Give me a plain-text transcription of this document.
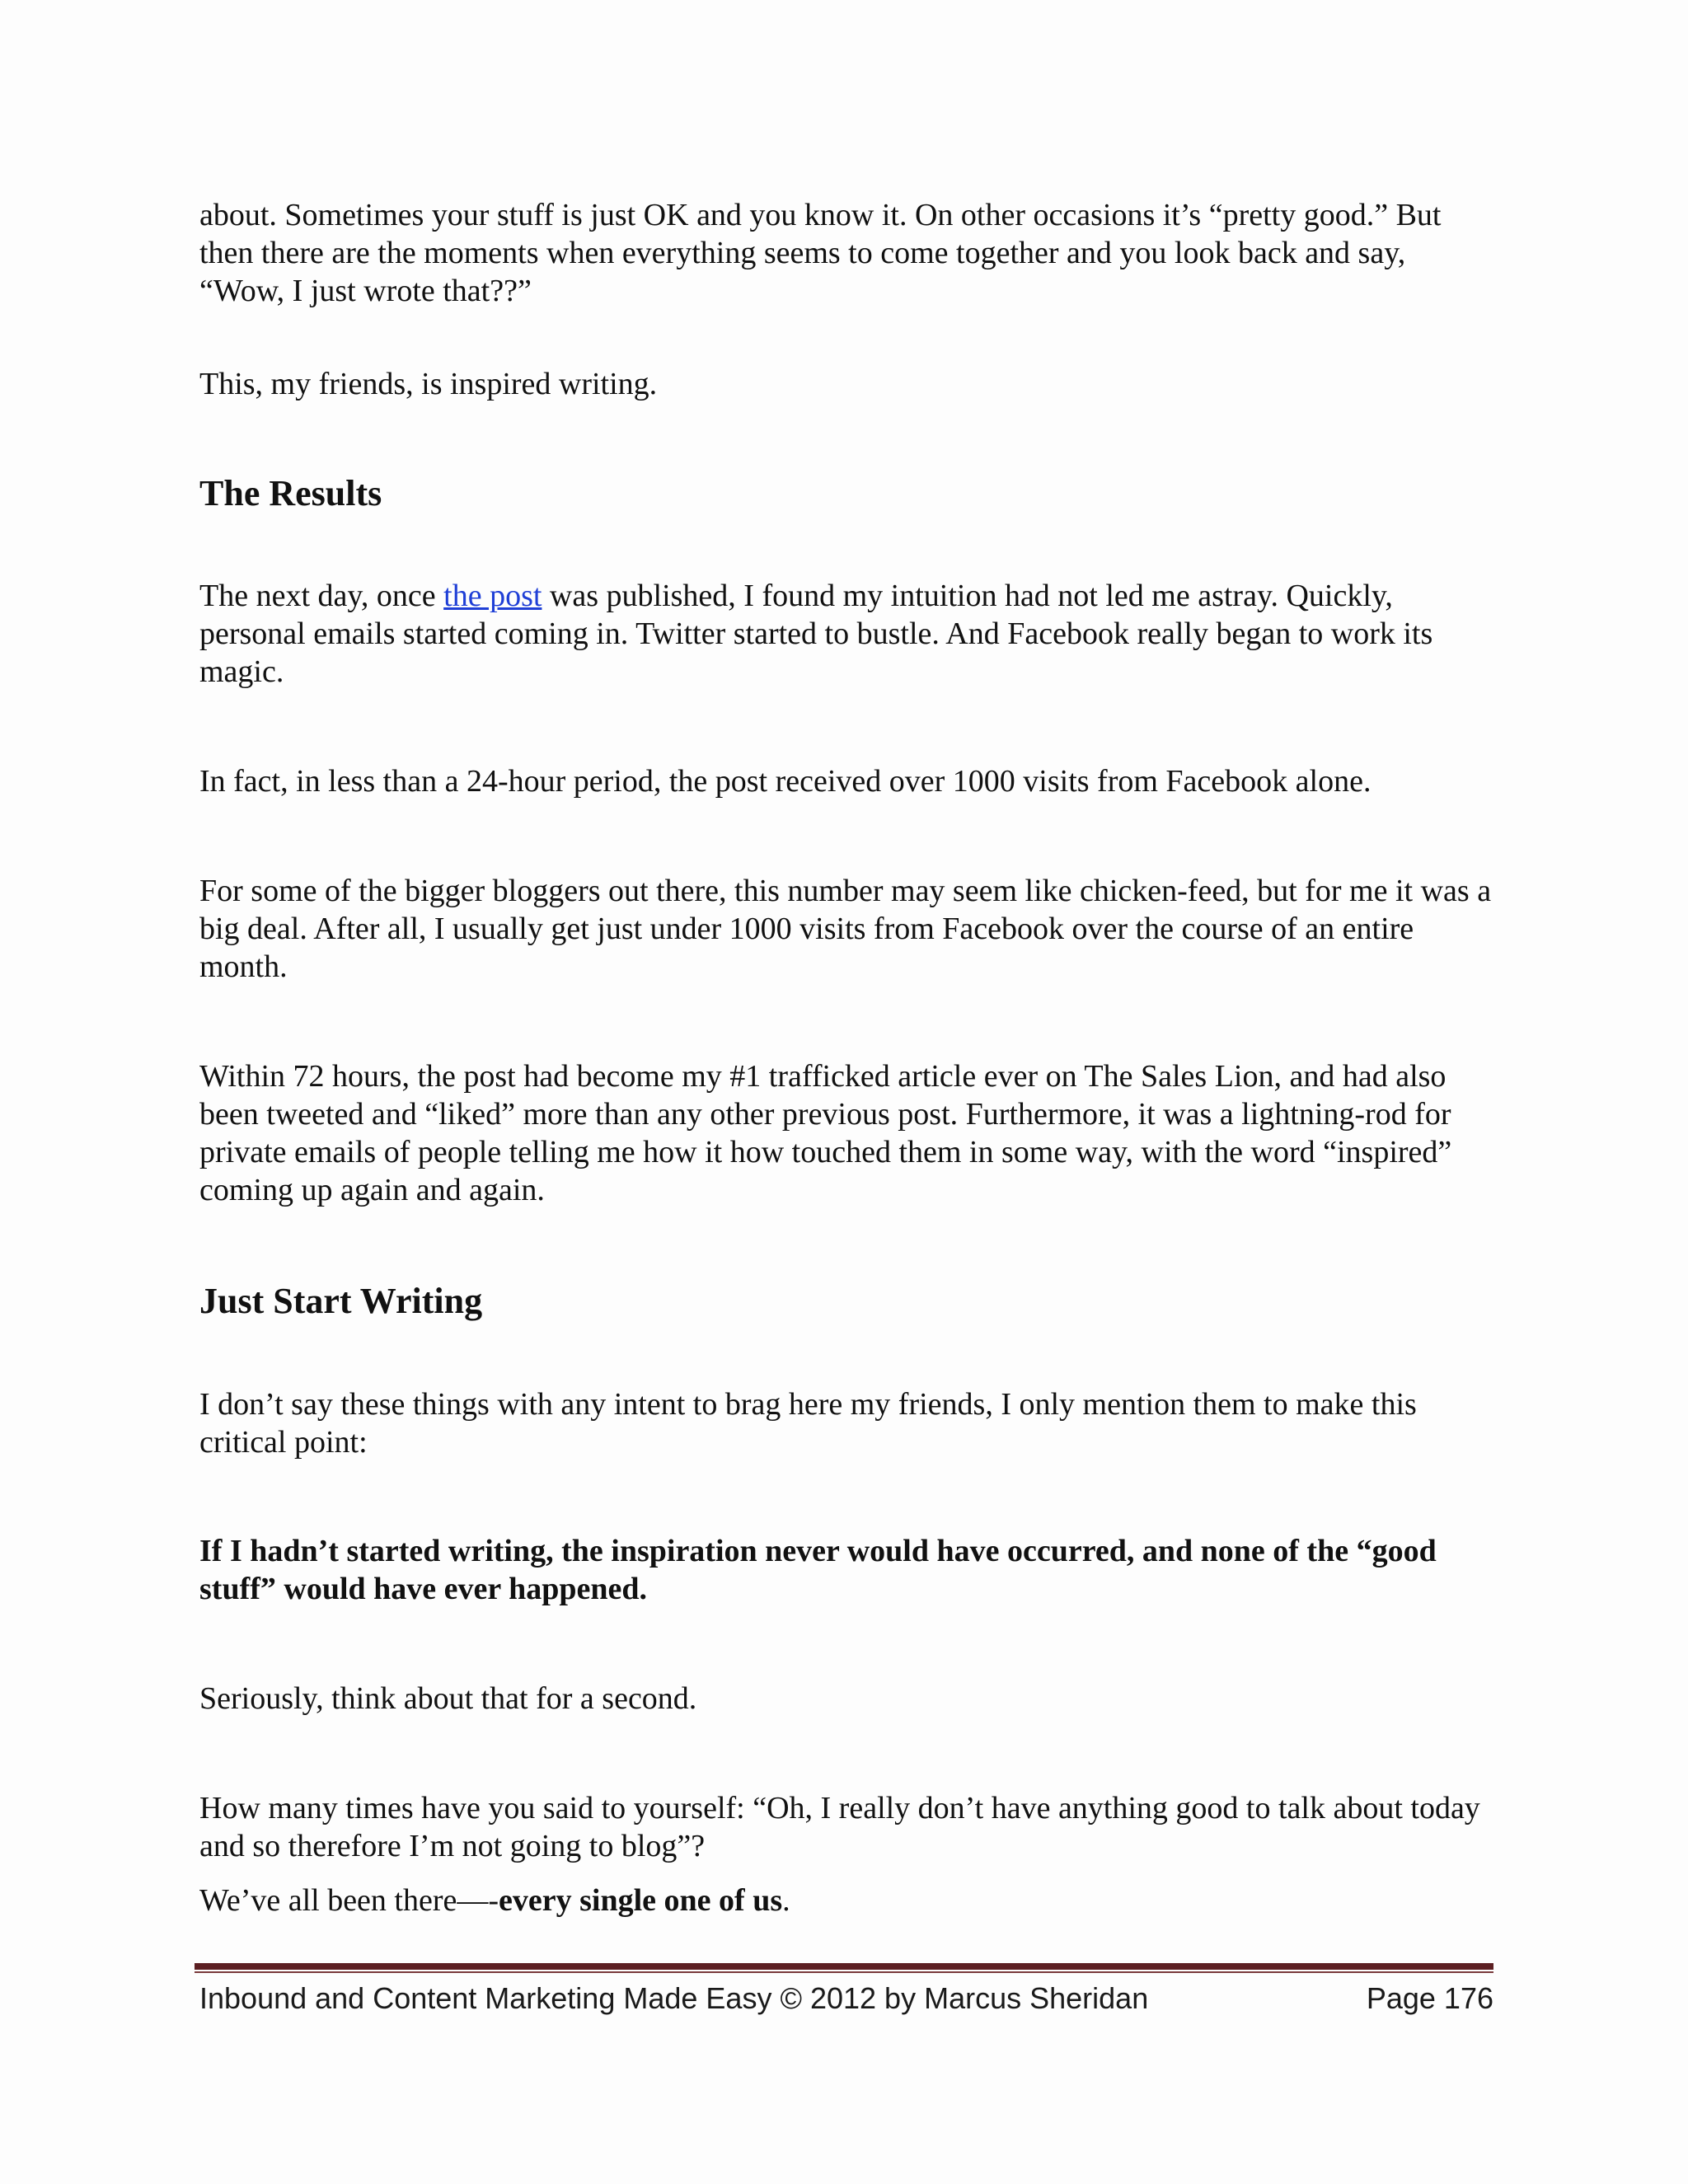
about. Sometimes your stuff is just OK and you know it. On other occasions it’s “pretty good.” But then there are the moments when everything seems to come together and you look back and say, “Wow, I just wrote that??”

This, my friends, is inspired writing.

The Results

The next day, once the post was published, I found my intuition had not led me astray. Quickly, personal emails started coming in. Twitter started to bustle. And Facebook really began to work its magic.

In fact, in less than a 24-hour period, the post received over 1000 visits from Facebook alone.

For some of the bigger bloggers out there, this number may seem like chicken-feed, but for me it was a big deal. After all, I usually get just under 1000 visits from Facebook over the course of an entire month.

Within 72 hours, the post had become my #1 trafficked article ever on The Sales Lion, and had also been tweeted and “liked” more than any other previous post. Furthermore, it was a lightning-rod for private emails of people telling me how it how touched them in some way, with the word “inspired” coming up again and again.

Just Start Writing

I don’t say these things with any intent to brag here my friends, I only mention them to make this critical point:

If I hadn’t started writing, the inspiration never would have occurred, and none of the “good stuff” would have ever happened.

Seriously, think about that for a second.

How many times have you said to yourself: “Oh, I really don’t have anything good to talk about today and so therefore I’m not going to blog”?

We’ve all been there—-every single one of us.

Inbound and Content Marketing Made Easy © 2012 by Marcus Sheridan	Page 176
